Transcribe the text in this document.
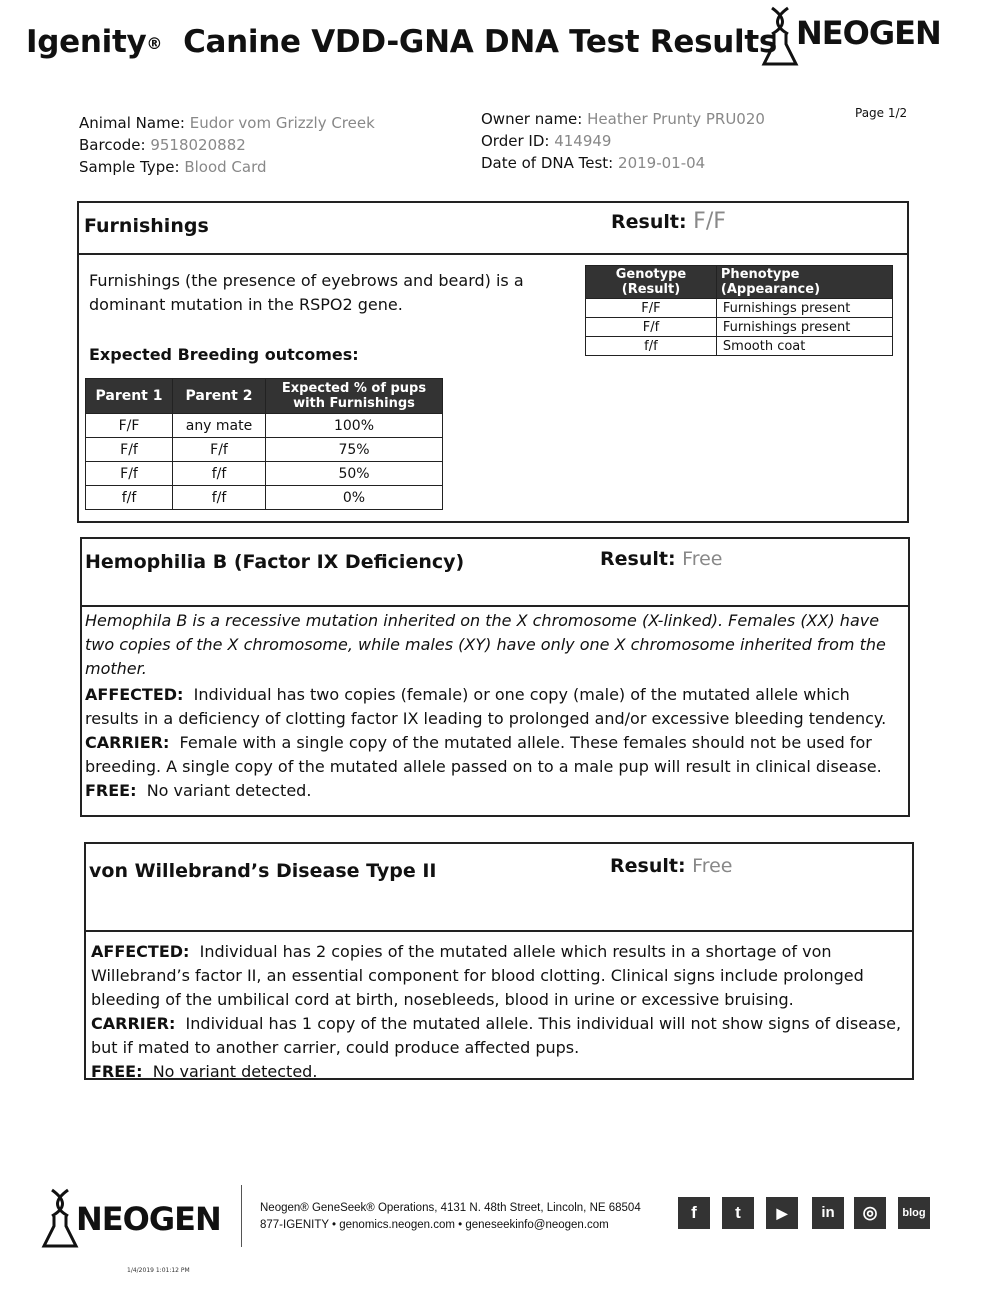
Igenity® Canine VDD-GNA DNA Test Results NEOGEN
Page 1/2
Animal Name: Eudor vom Grizzly Creek
Barcode: 9518020882
Sample Type: Blood Card
Owner name: Heather Prunty PRU020
Order ID: 414949
Date of DNA Test: 2019-01-04
Furnishings	Result: F/F
Furnishings (the presence of eyebrows and beard) is a dominant mutation in the RSPO2 gene.
Expected Breeding outcomes:
Genotype (Result)	Phenotype (Appearance)
F/F	Furnishings present
F/f	Furnishings present
f/f	Smooth coat
Parent 1	Parent 2	Expected % of pups with Furnishings
F/F	any mate	100%
F/f	F/f	75%
F/f	f/f	50%
f/f	f/f	0%
Hemophilia B (Factor IX Deficiency)	Result: Free
Hemophila B is a recessive mutation inherited on the X chromosome (X-linked). Females (XX) have two copies of the X chromosome, while males (XY) have only one X chromosome inherited from the mother.
AFFECTED: Individual has two copies (female) or one copy (male) of the mutated allele which results in a deficiency of clotting factor IX leading to prolonged and/or excessive bleeding tendency.
CARRIER: Female with a single copy of the mutated allele. These females should not be used for breeding. A single copy of the mutated allele passed on to a male pup will result in clinical disease.
FREE: No variant detected.
von Willebrand’s Disease Type II	Result: Free
AFFECTED: Individual has 2 copies of the mutated allele which results in a shortage of von Willebrand’s factor II, an essential component for blood clotting. Clinical signs include prolonged bleeding of the umbilical cord at birth, nosebleeds, blood in urine or excessive bruising.
CARRIER: Individual has 1 copy of the mutated allele. This individual will not show signs of disease, but if mated to another carrier, could produce affected pups.
FREE: No variant detected.
NEOGEN	Neogen® GeneSeek® Operations, 4131 N. 48th Street, Lincoln, NE 68504
877-IGENITY • genomics.neogen.com • geneseekinfo@neogen.com
f	t	▶	in	◎	blog
1/4/2019 1:01:12 PM
